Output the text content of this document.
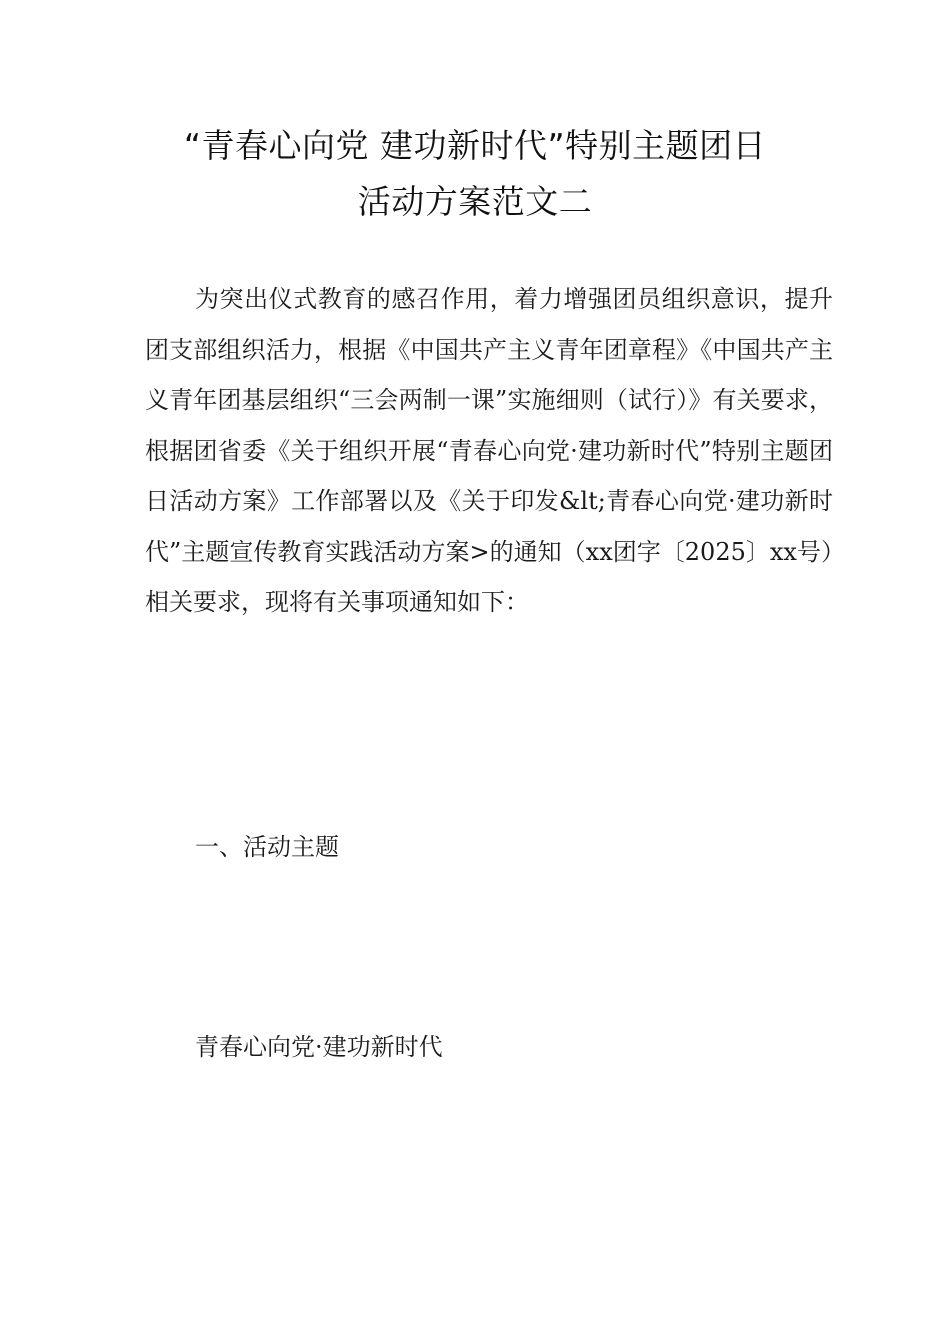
“青春心向党 建功新时代”特别主题团日
活动方案范文二

为突出仪式教育的感召作用，着力增强团员组织意识，提升团支部组织活力，根据《中国共产主义青年团章程》《中国共产主义青年团基层组织“三会两制一课”实施细则（试行）》有关要求，根据团省委《关于组织开展“青春心向党·建功新时代”特别主题团日活动方案》工作部署以及《关于印发&lt;青春心向党·建功新时代”主题宣传教育实践活动方案>的通知（xx团字〔2025〕xx号）相关要求，现将有关事项通知如下：

一、活动主题
青春心向党·建功新时代
